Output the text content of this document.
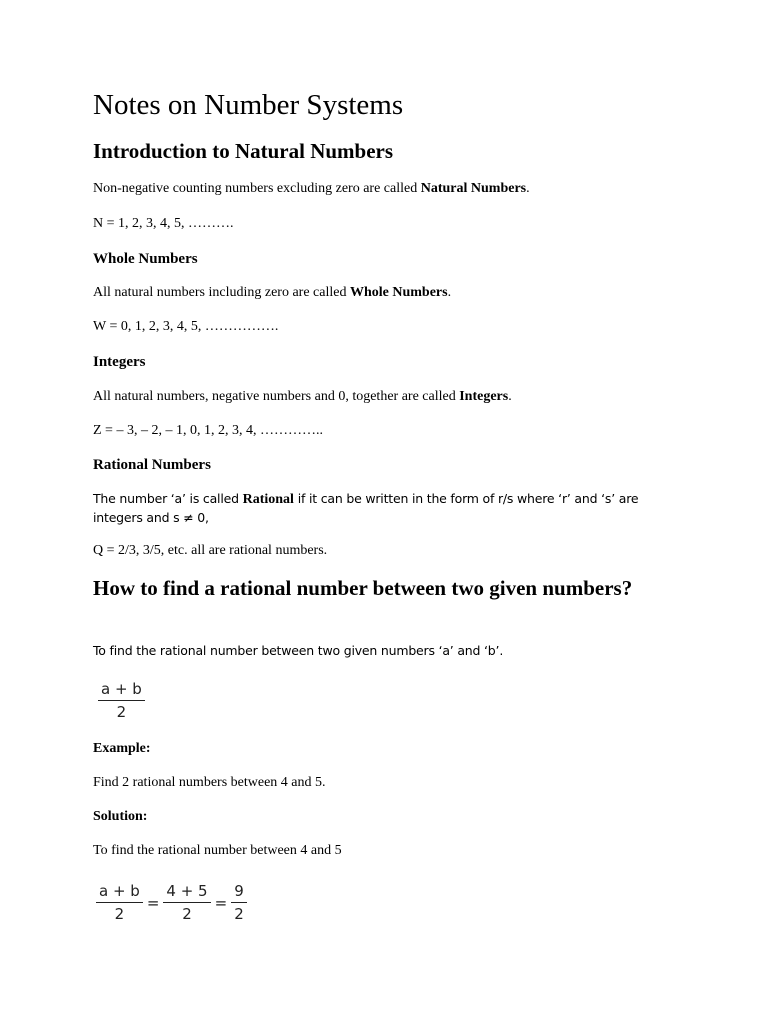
Notes on Number Systems
Introduction to Natural Numbers
Non-negative counting numbers excluding zero are called Natural Numbers.
N = 1, 2, 3, 4, 5, ……….
Whole Numbers
All natural numbers including zero are called Whole Numbers.
W = 0, 1, 2, 3, 4, 5, …………….
Integers
All natural numbers, negative numbers and 0, together are called Integers.
Z = – 3, – 2, – 1, 0, 1, 2, 3, 4, …………..
Rational Numbers
The number ‘a’ is called Rational if it can be written in the form of r/s where ‘r’ and ‘s’ are integers and s ≠ 0,
Q = 2/3, 3/5, etc. all are rational numbers.
How to find a rational number between two given numbers?
To find the rational number between two given numbers ‘a’ and ‘b’.
$\frac{a + b}{2}$
Example:
Find 2 rational numbers between 4 and 5.
Solution:
To find the rational number between 4 and 5
$\frac{a + b}{2} = \frac{4 + 5}{2} = \frac{9}{2}$
